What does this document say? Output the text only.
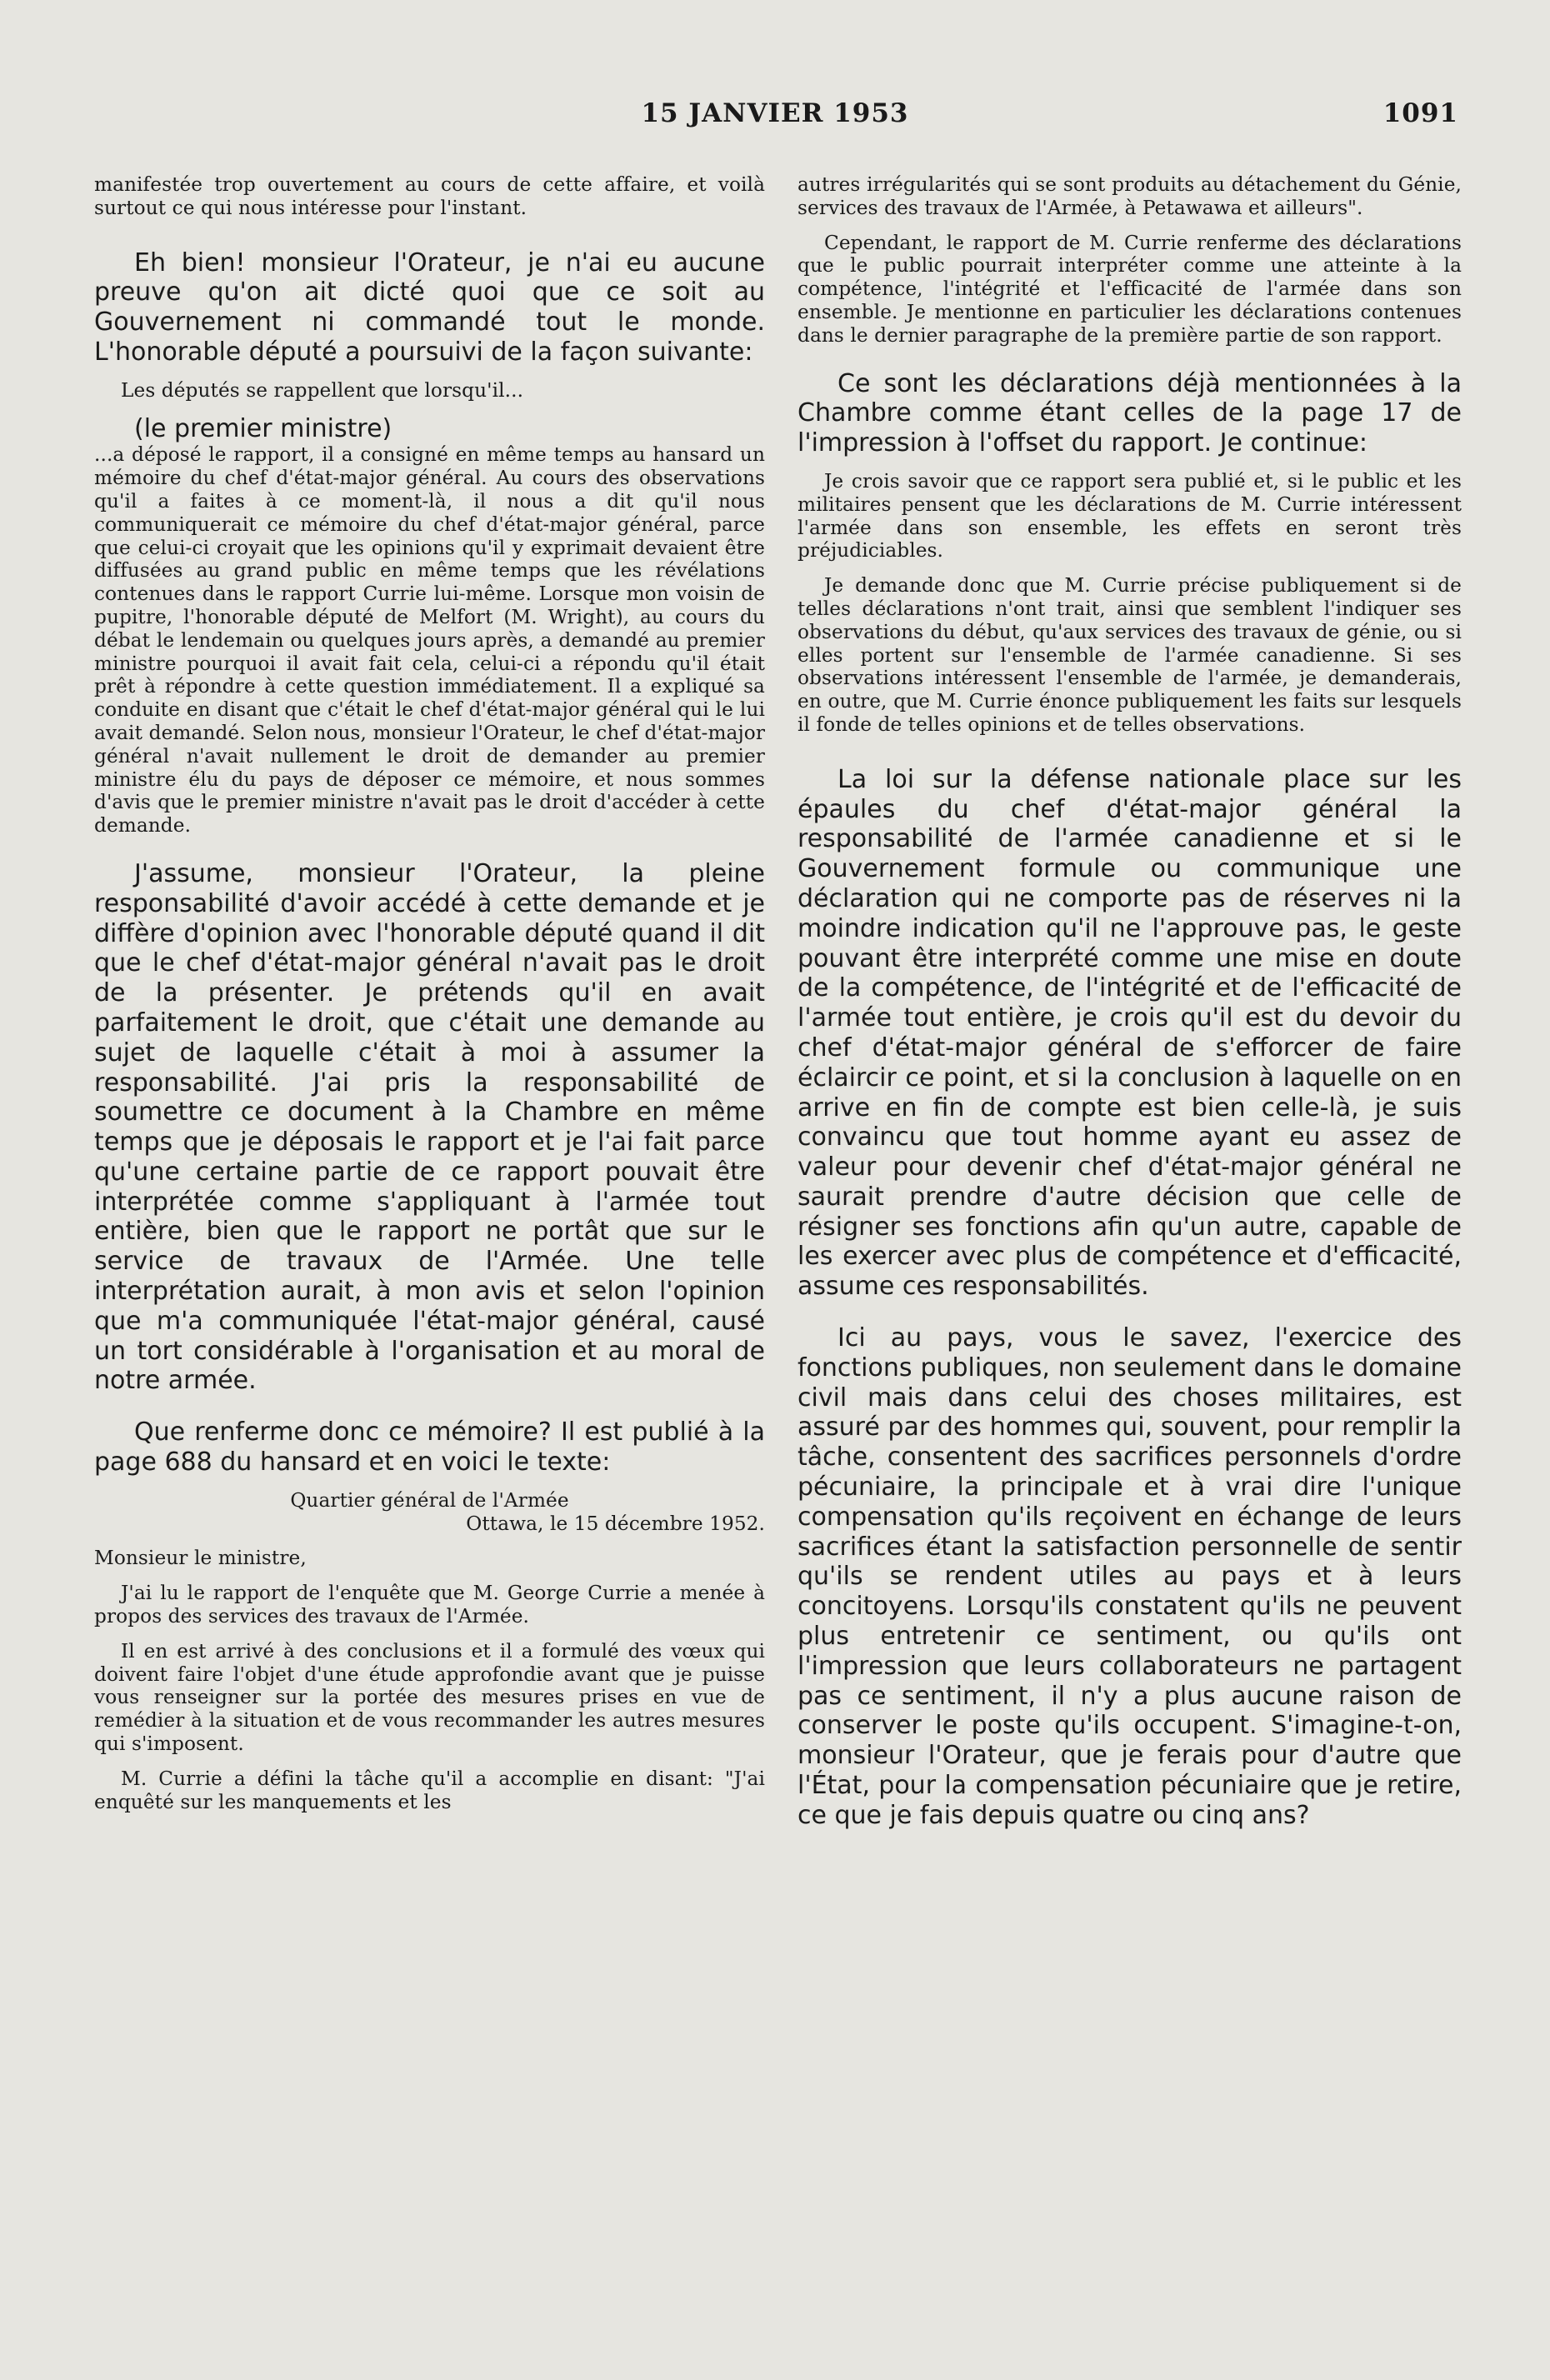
15 JANVIER 1953	1091

manifestée trop ouvertement au cours de cette affaire, et voilà surtout ce qui nous intéresse pour l'instant.

Eh bien! monsieur l'Orateur, je n'ai eu aucune preuve qu'on ait dicté quoi que ce soit au Gouvernement ni commandé tout le monde. L'honorable député a poursuivi de la façon suivante:

Les députés se rappellent que lorsqu'il...

(le premier ministre)

...a déposé le rapport, il a consigné en même temps au hansard un mémoire du chef d'état-major général. Au cours des observations qu'il a faites à ce moment-là, il nous a dit qu'il nous communiquerait ce mémoire du chef d'état-major général, parce que celui-ci croyait que les opinions qu'il y exprimait devaient être diffusées au grand public en même temps que les révélations contenues dans le rapport Currie lui-même. Lorsque mon voisin de pupitre, l'honorable député de Melfort (M. Wright), au cours du débat le lendemain ou quelques jours après, a demandé au premier ministre pourquoi il avait fait cela, celui-ci a répondu qu'il était prêt à répondre à cette question immédiatement. Il a expliqué sa conduite en disant que c'était le chef d'état-major général qui le lui avait demandé. Selon nous, monsieur l'Orateur, le chef d'état-major général n'avait nullement le droit de demander au premier ministre élu du pays de déposer ce mémoire, et nous sommes d'avis que le premier ministre n'avait pas le droit d'accéder à cette demande.

J'assume, monsieur l'Orateur, la pleine responsabilité d'avoir accédé à cette demande et je diffère d'opinion avec l'honorable député quand il dit que le chef d'état-major général n'avait pas le droit de la présenter. Je prétends qu'il en avait parfaitement le droit, que c'était une demande au sujet de laquelle c'était à moi à assumer la responsabilité. J'ai pris la responsabilité de soumettre ce document à la Chambre en même temps que je déposais le rapport et je l'ai fait parce qu'une certaine partie de ce rapport pouvait être interprétée comme s'appliquant à l'armée tout entière, bien que le rapport ne portât que sur le service de travaux de l'Armée. Une telle interprétation aurait, à mon avis et selon l'opinion que m'a communiquée l'état-major général, causé un tort considérable à l'organisation et au moral de notre armée.

Que renferme donc ce mémoire? Il est publié à la page 688 du hansard et en voici le texte:

Quartier général de l'Armée

Ottawa, le 15 décembre 1952.

Monsieur le ministre,

J'ai lu le rapport de l'enquête que M. George Currie a menée à propos des services des travaux de l'Armée.

Il en est arrivé à des conclusions et il a formulé des vœux qui doivent faire l'objet d'une étude approfondie avant que je puisse vous renseigner sur la portée des mesures prises en vue de remédier à la situation et de vous recommander les autres mesures qui s'imposent.

M. Currie a défini la tâche qu'il a accomplie en disant: "J'ai enquêté sur les manquements et les

autres irrégularités qui se sont produits au détachement du Génie, services des travaux de l'Armée, à Petawawa et ailleurs".

Cependant, le rapport de M. Currie renferme des déclarations que le public pourrait interpréter comme une atteinte à la compétence, l'intégrité et l'efficacité de l'armée dans son ensemble. Je mentionne en particulier les déclarations contenues dans le dernier paragraphe de la première partie de son rapport.

Ce sont les déclarations déjà mentionnées à la Chambre comme étant celles de la page 17 de l'impression à l'offset du rapport. Je continue:

Je crois savoir que ce rapport sera publié et, si le public et les militaires pensent que les déclarations de M. Currie intéressent l'armée dans son ensemble, les effets en seront très préjudiciables.

Je demande donc que M. Currie précise publiquement si de telles déclarations n'ont trait, ainsi que semblent l'indiquer ses observations du début, qu'aux services des travaux de génie, ou si elles portent sur l'ensemble de l'armée canadienne. Si ses observations intéressent l'ensemble de l'armée, je demanderais, en outre, que M. Currie énonce publiquement les faits sur lesquels il fonde de telles opinions et de telles observations.

La loi sur la défense nationale place sur les épaules du chef d'état-major général la responsabilité de l'armée canadienne et si le Gouvernement formule ou communique une déclaration qui ne comporte pas de réserves ni la moindre indication qu'il ne l'approuve pas, le geste pouvant être interprété comme une mise en doute de la compétence, de l'intégrité et de l'efficacité de l'armée tout entière, je crois qu'il est du devoir du chef d'état-major général de s'efforcer de faire éclaircir ce point, et si la conclusion à laquelle on en arrive en fin de compte est bien celle-là, je suis convaincu que tout homme ayant eu assez de valeur pour devenir chef d'état-major général ne saurait prendre d'autre décision que celle de résigner ses fonctions afin qu'un autre, capable de les exercer avec plus de compétence et d'efficacité, assume ces responsabilités.

Ici au pays, vous le savez, l'exercice des fonctions publiques, non seulement dans le domaine civil mais dans celui des choses militaires, est assuré par des hommes qui, souvent, pour remplir la tâche, consentent des sacrifices personnels d'ordre pécuniaire, la principale et à vrai dire l'unique compensation qu'ils reçoivent en échange de leurs sacrifices étant la satisfaction personnelle de sentir qu'ils se rendent utiles au pays et à leurs concitoyens. Lorsqu'ils constatent qu'ils ne peuvent plus entretenir ce sentiment, ou qu'ils ont l'impression que leurs collaborateurs ne partagent pas ce sentiment, il n'y a plus aucune raison de conserver le poste qu'ils occupent. S'imagine-t-on, monsieur l'Orateur, que je ferais pour d'autre que l'État, pour la compensation pécuniaire que je retire, ce que je fais depuis quatre ou cinq ans?
